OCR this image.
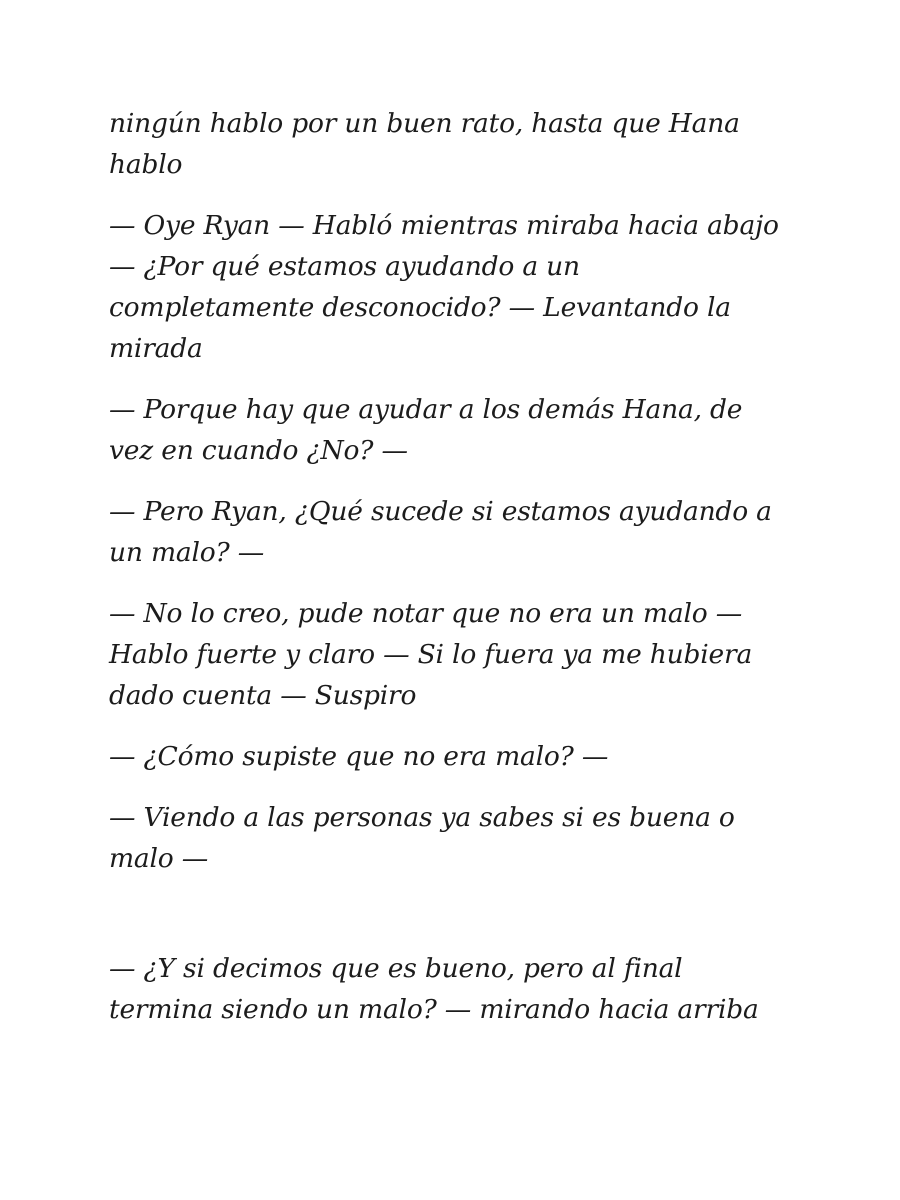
ningún hablo por un buen rato, hasta que Hana
hablo
— Oye Ryan — Habló mientras miraba hacia abajo
— ¿Por qué estamos ayudando a un
completamente desconocido? — Levantando la
mirada
— Porque hay que ayudar a los demás Hana, de
vez en cuando ¿No? —
— Pero Ryan, ¿Qué sucede si estamos ayudando a
un malo? —
— No lo creo, pude notar que no era un malo —
Hablo fuerte y claro — Si lo fuera ya me hubiera
dado cuenta — Suspiro
— ¿Cómo supiste que no era malo? —
— Viendo a las personas ya sabes si es buena o
malo —
— ¿Y si decimos que es bueno, pero al final
termina siendo un malo? — mirando hacia arriba
